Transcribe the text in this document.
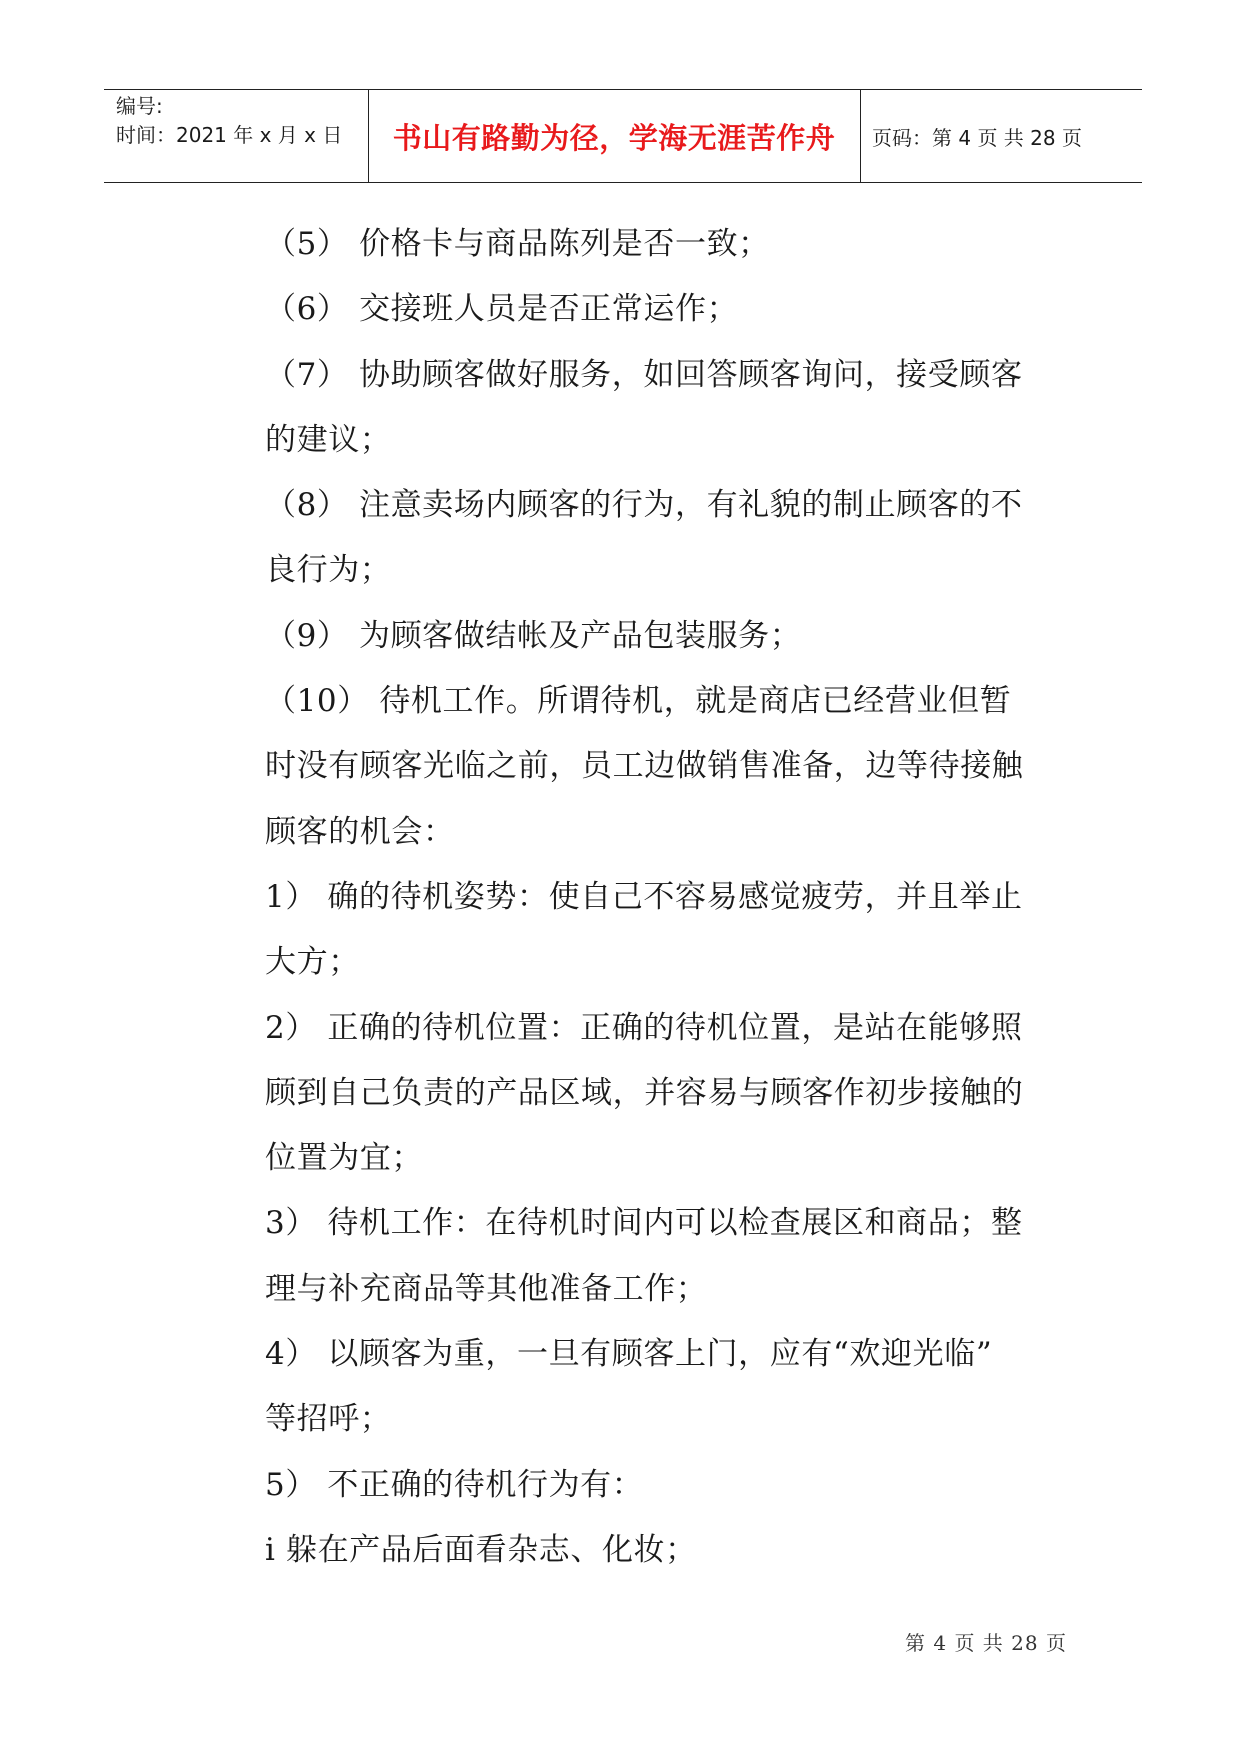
编号:
时间：2021 年 x 月 x 日	书山有路勤为径，学海无涯苦作舟	页码：第 4 页 共 28 页
（5） 价格卡与商品陈列是否一致；
（6） 交接班人员是否正常运作；
（7） 协助顾客做好服务，如回答顾客询问，接受顾客
的建议；
（8） 注意卖场内顾客的行为，有礼貌的制止顾客的不
良行为；
（9） 为顾客做结帐及产品包装服务；
（10） 待机工作。所谓待机，就是商店已经营业但暂
时没有顾客光临之前，员工边做销售准备，边等待接触
顾客的机会：
1） 确的待机姿势：使自己不容易感觉疲劳，并且举止
大方；
2） 正确的待机位置：正确的待机位置，是站在能够照
顾到自己负责的产品区域，并容易与顾客作初步接触的
位置为宜；
3） 待机工作：在待机时间内可以检查展区和商品；整
理与补充商品等其他准备工作；
4） 以顾客为重，一旦有顾客上门，应有“欢迎光临”
等招呼；
5） 不正确的待机行为有：
i 躲在产品后面看杂志、化妆；
第 4 页 共 28 页
